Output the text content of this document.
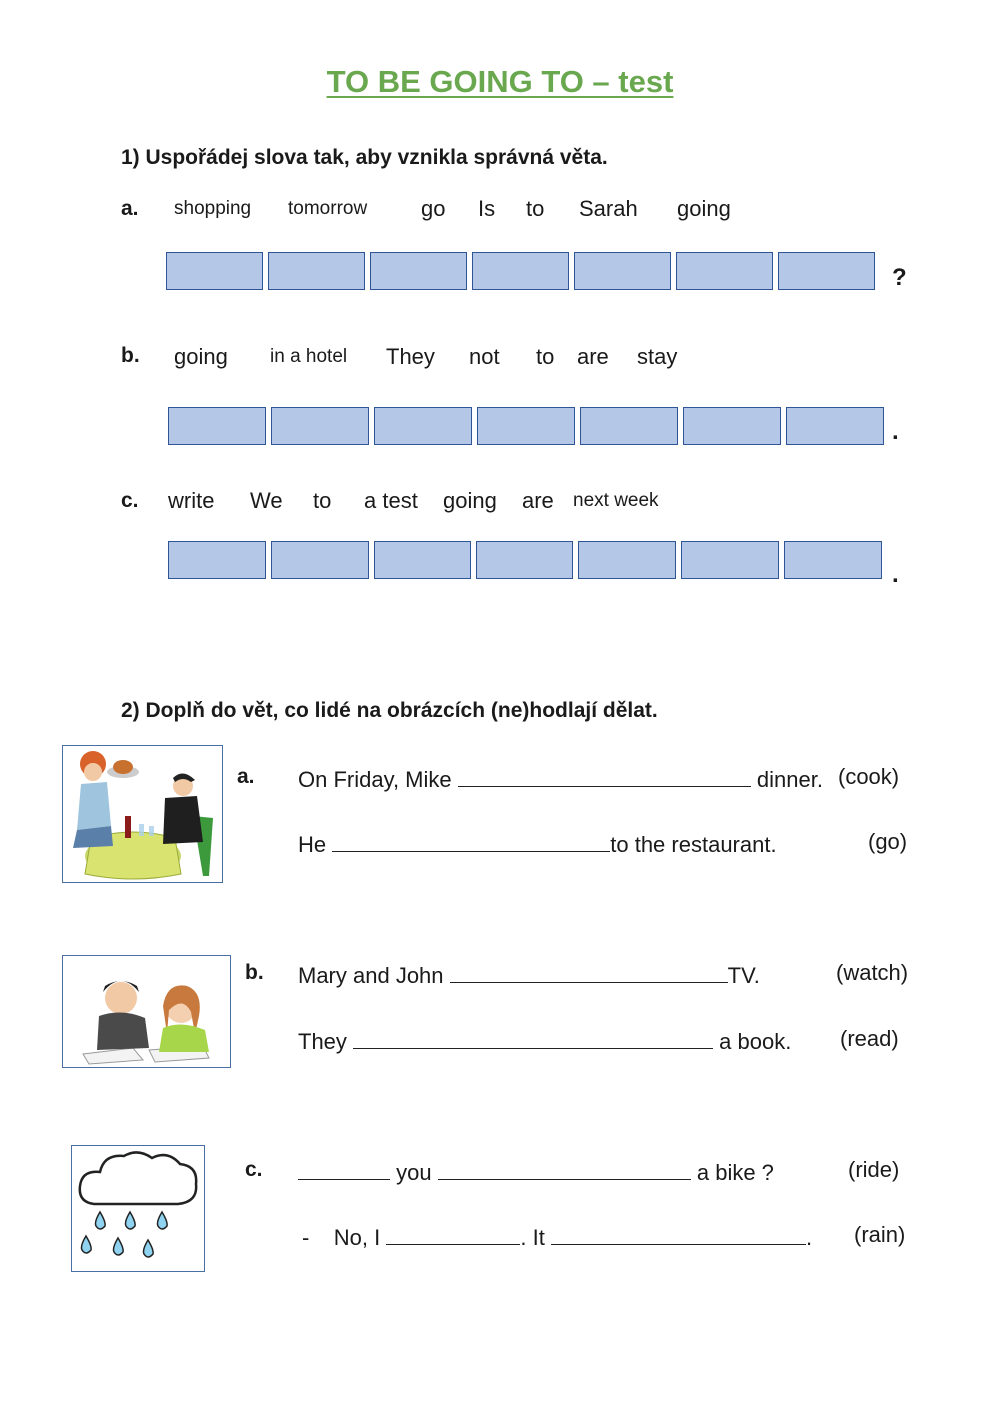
TO BE GOING TO – test
1) Uspořádej slova tak, aby vznikla správná věta.
a. shopping tomorrow go Is to Sarah going
?
b. going in a hotel They not to are stay
.
c. write We to a test going are next week
.
2) Doplň do vět, co lidé na obrázcích (ne)hodlají dělat.
a. On Friday, Mike	dinner. (cook)
He	to the restaurant.	(go)
b. Mary and John	TV.	(watch)
They	a book. (read)
c.	you	a bike ?	(ride)
- No, I	. It	. (rain)
